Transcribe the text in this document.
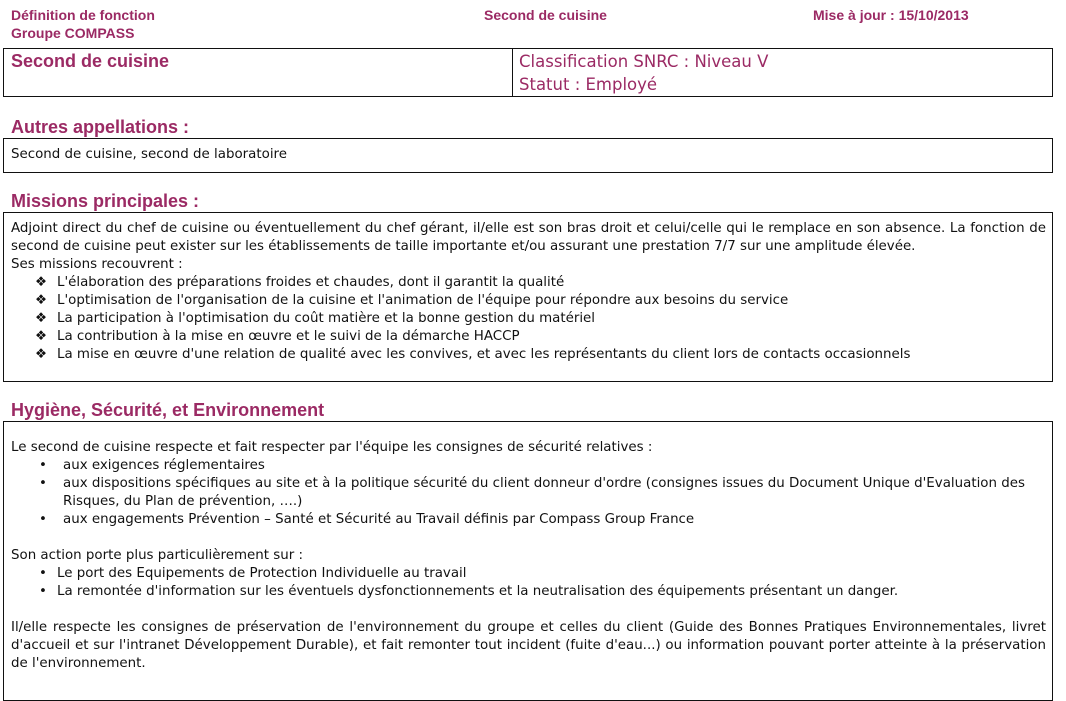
Définition de fonction
Groupe COMPASS
Second de cuisine	Mise à jour : 15/10/2013
Second de cuisine	Classification SNRC : Niveau V
Statut : Employé
Autres appellations :
Second de cuisine, second de laboratoire
Missions principales :

Adjoint direct du chef de cuisine ou éventuellement du chef gérant, il/elle est son bras droit et celui/celle qui le remplace en son absence. La fonction de second de cuisine peut exister sur les établissements de taille importante et/ou assurant une prestation 7/7 sur une amplitude élevée.

Ses missions recouvrent :

❖ L'élaboration des préparations froides et chaudes, dont il garantit la qualité
❖ L'optimisation de l'organisation de la cuisine et l'animation de l'équipe pour répondre aux besoins du service
❖ La participation à l'optimisation du coût matière et la bonne gestion du matériel
❖ La contribution à la mise en œuvre et le suivi de la démarche HACCP
❖ La mise en œuvre d'une relation de qualité avec les convives, et avec les représentants du client lors de contacts occasionnels
Hygiène, Sécurité, et Environnement

Le second de cuisine respecte et fait respecter par l'équipe les consignes de sécurité relatives :

• aux exigences réglementaires
• aux dispositions spécifiques au site et à la politique sécurité du client donneur d'ordre (consignes issues du Document Unique d'Evaluation des Risques, du Plan de prévention, ….)
• aux engagements Prévention – Santé et Sécurité au Travail définis par Compass Group France

Son action porte plus particulièrement sur :

• Le port des Equipements de Protection Individuelle au travail
• La remontée d'information sur les éventuels dysfonctionnements et la neutralisation des équipements présentant un danger.

Il/elle respecte les consignes de préservation de l'environnement du groupe et celles du client (Guide des Bonnes Pratiques Environnementales, livret d'accueil et sur l'intranet Développement Durable), et fait remonter tout incident (fuite d'eau...) ou information pouvant porter atteinte à la préservation de l'environnement.
